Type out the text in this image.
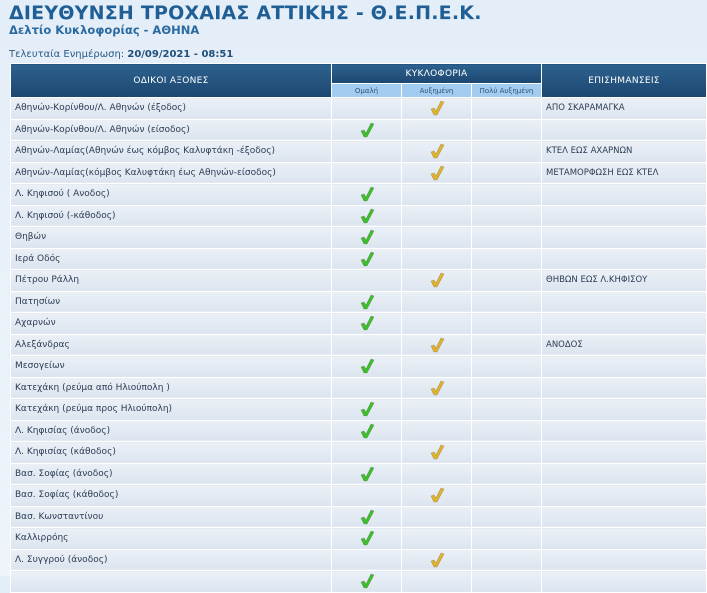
ΔΙΕΥΘΥΝΣΗ ΤΡΟΧΑΙΑΣ ΑΤΤΙΚΗΣ - Θ.Ε.Π.Ε.Κ.
Δελτίο Κυκλοφορίας - ΑΘΗΝΑ
Τελευταία Ενημέρωση: 20/09/2021 - 08:51
ΟΔΙΚΟΙ ΑΞΟΝΕΣ	ΚΥΚΛΟΦΟΡΙΑ			ΕΠΙΣΗΜΑΝΣΕΙΣ
	Ομαλή	Αυξημένη	Πολύ Αυξημένη	
Αθηνών-Κορίνθου/Λ. Αθηνών (έξοδος)				ΑΠΟ ΣΚΑΡΑΜΑΓΚΑ
Αθηνών-Κορίνθου/Λ. Αθηνών (είσοδος)				
Αθηνών-Λαμίας(Αθηνών έως κόμβος Καλυφτάκη -έξοδος)				ΚΤΕΛ ΕΩΣ ΑΧΑΡΝΩΝ
Αθηνών-Λαμίας(κόμβος Καλυφτάκη έως Αθηνών-είσοδος)				ΜΕΤΑΜΟΡΦΩΣΗ ΕΩΣ ΚΤΕΛ
Λ. Κηφισού ( Ανοδος)				
Λ. Κηφισού (-κάθοδος)				
Θηβών				
Ιερά Οδός				
Πέτρου Ράλλη				ΘΗΒΩΝ ΕΩΣ Λ.ΚΗΦΙΣΟΥ
Πατησίων				
Αχαρνών				
Αλεξάνδρας				ΑΝΟΔΟΣ
Μεσογείων				
Κατεχάκη (ρεύμα από Ηλιούπολη )				
Κατεχάκη (ρεύμα προς Ηλιούπολη)				
Λ. Κηφισίας (άνοδος)				
Λ. Κηφισίας (κάθοδος)				
Βασ. Σοφίας (άνοδος)				
Βασ. Σοφίας (κάθοδος)				
Βασ. Κωνσταντίνου				
Καλλιρρόης				
Λ. Συγγρού (άνοδος)				
